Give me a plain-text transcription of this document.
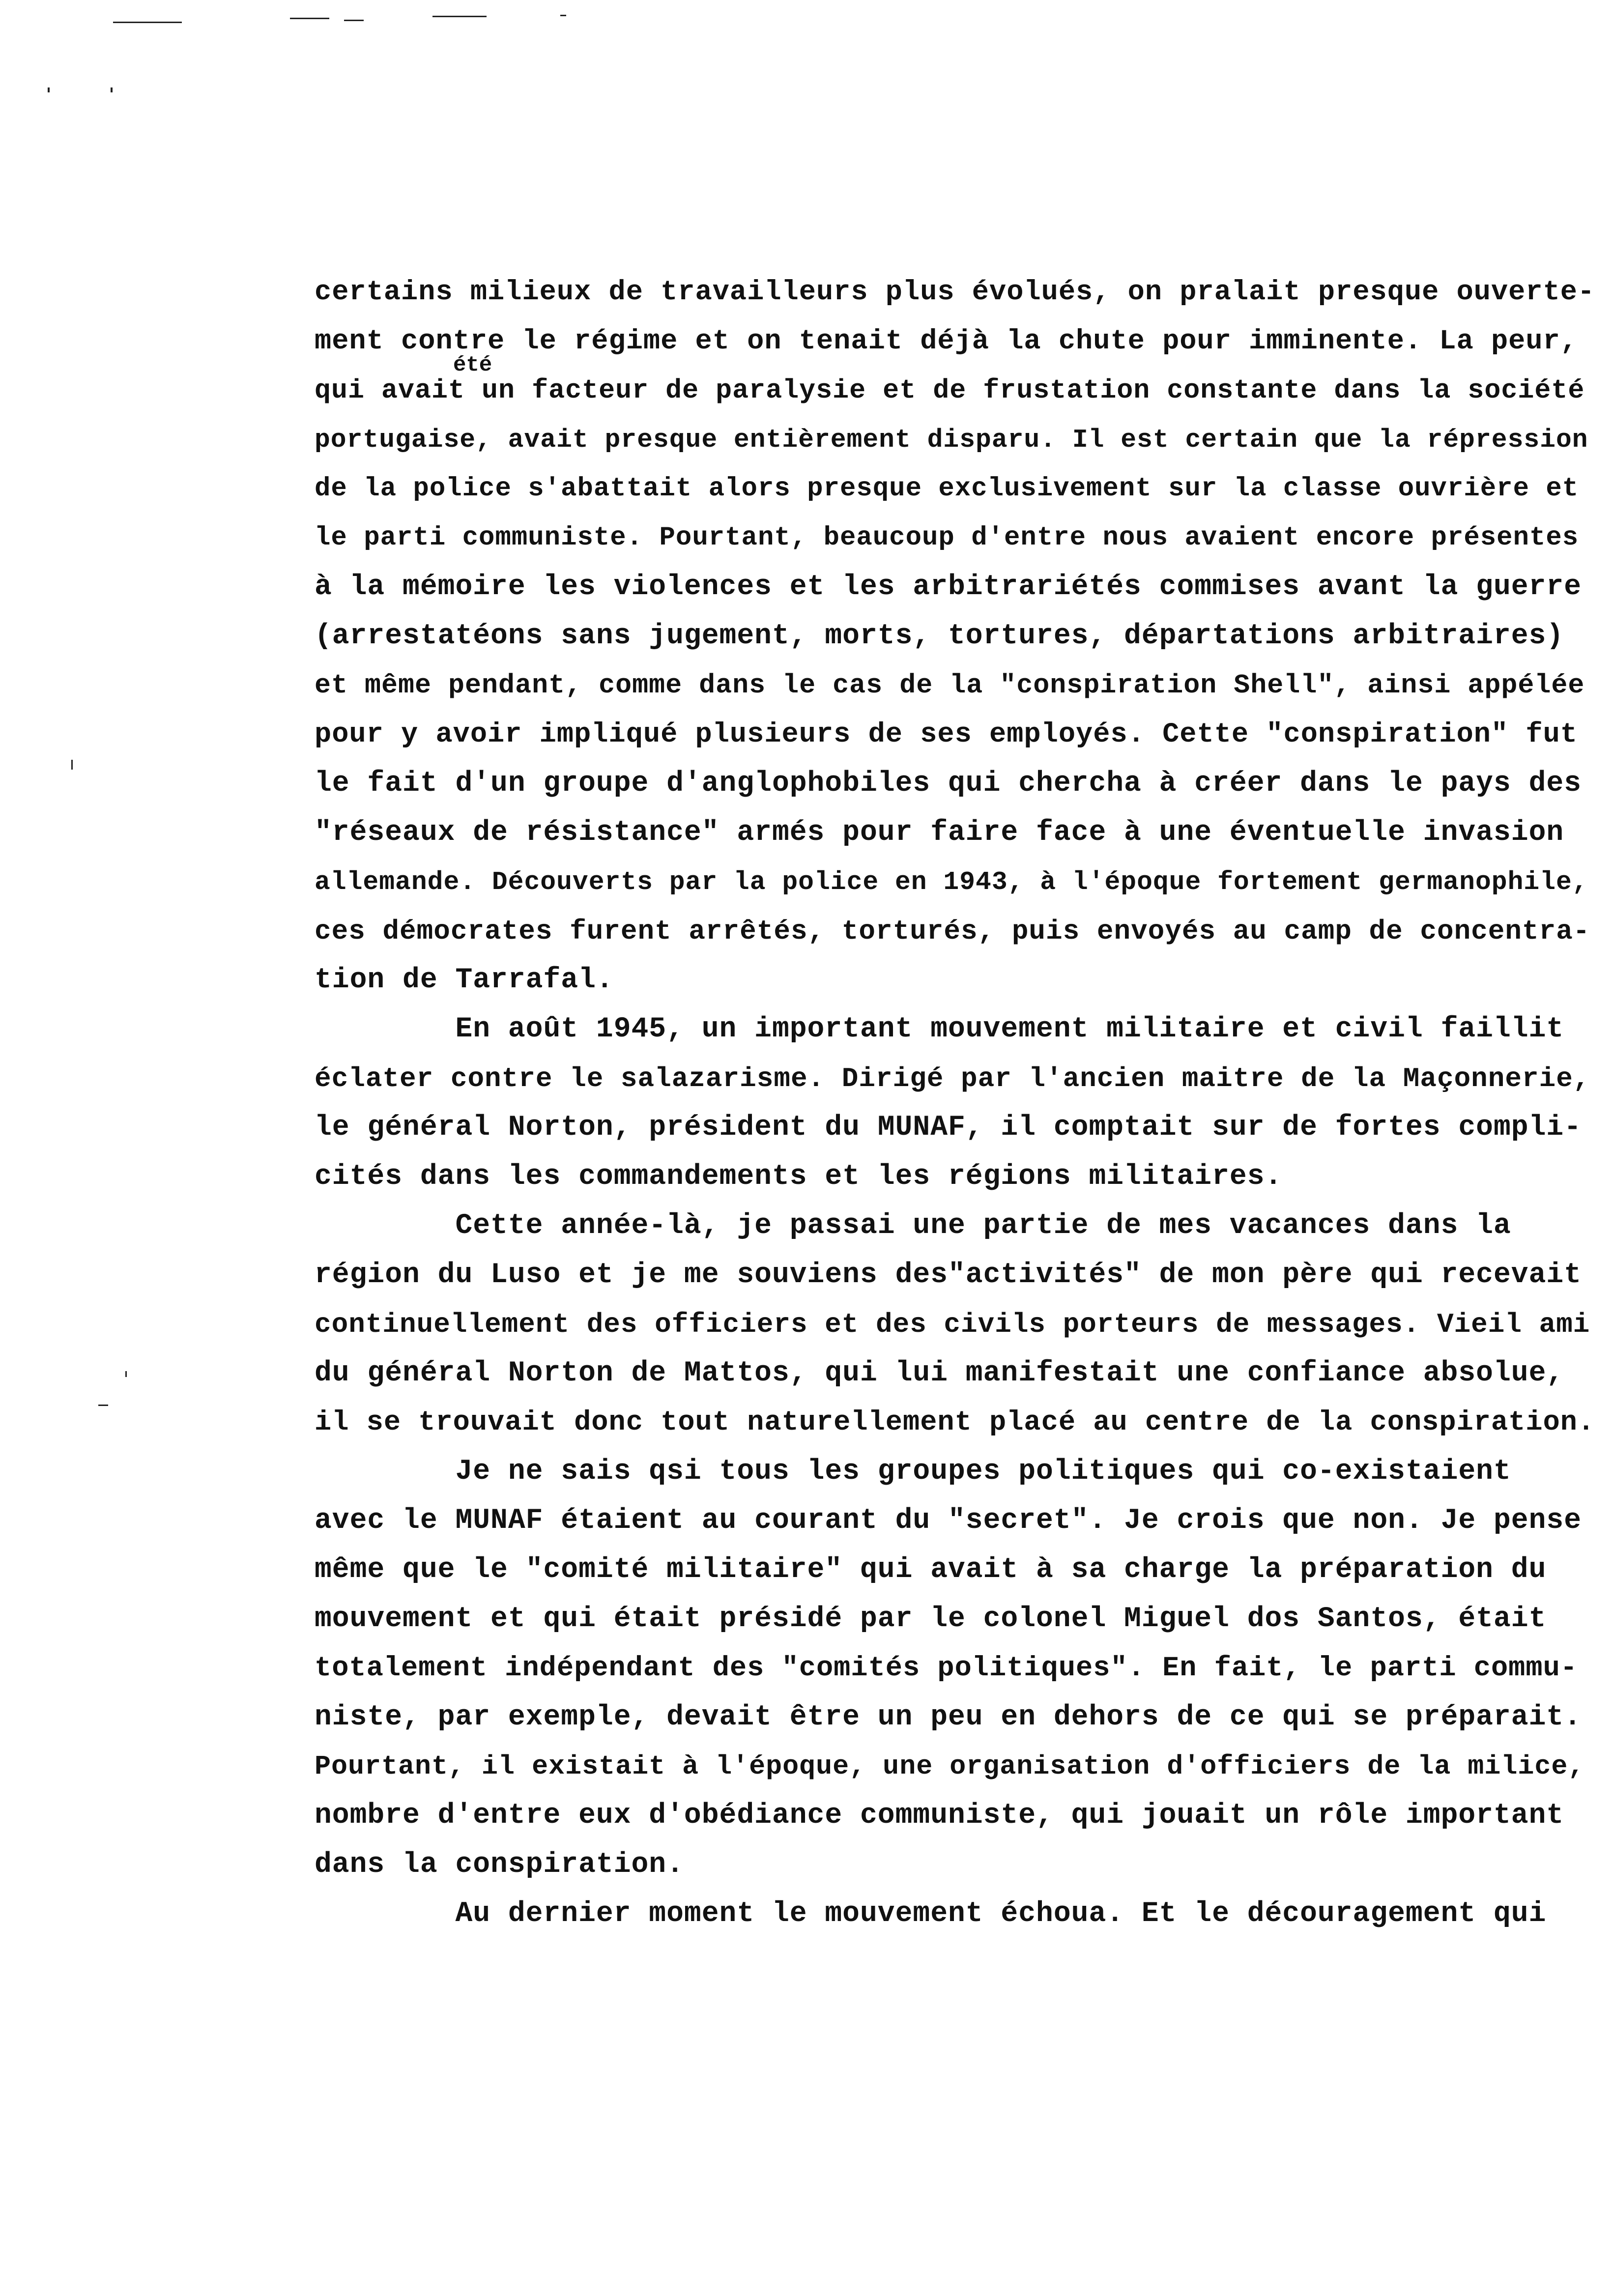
certains milieux de travailleurs plus évolués, on pralait presque ouverte-
ment contre le régime et on tenait déjà la chute pour imminente. La peur,
qui avait un facteur de paralysie et de frustation constante dans la société
été
portugaise, avait presque entièrement disparu. Il est certain que la répression
de la police s'abattait alors presque exclusivement sur la classe ouvrière et
le parti communiste. Pourtant, beaucoup d'entre nous avaient encore présentes
à la mémoire les violences et les arbitrariétés commises avant la guerre
(arrestatéons sans jugement, morts, tortures, départations arbitraires)
et même pendant, comme dans le cas de la "conspiration Shell", ainsi appélée
pour y avoir impliqué plusieurs de ses employés. Cette "conspiration" fut
le fait d'un groupe d'anglophobiles qui chercha à créer dans le pays des
"réseaux de résistance" armés pour faire face à une éventuelle invasion
allemande. Découverts par la police en 1943, à l'époque fortement germanophile,
ces démocrates furent arrêtés, torturés, puis envoyés au camp de concentra-
tion de Tarrafal.
En août 1945, un important mouvement militaire et civil faillit
éclater contre le salazarisme. Dirigé par l'ancien maitre de la Maçonnerie,
le général Norton, président du MUNAF, il comptait sur de fortes compli-
cités dans les commandements et les régions militaires.
Cette année-là, je passai une partie de mes vacances dans la
région du Luso et je me souviens des"activités" de mon père qui recevait
continuellement des officiers et des civils porteurs de messages. Vieil ami
du général Norton de Mattos, qui lui manifestait une confiance absolue,
il se trouvait donc tout naturellement placé au centre de la conspiration.
Je ne sais qsi tous les groupes politiques qui co-existaient
avec le MUNAF étaient au courant du "secret". Je crois que non. Je pense
même que le "comité militaire" qui avait à sa charge la préparation du
mouvement et qui était présidé par le colonel Miguel dos Santos, était
totalement indépendant des "comités politiques". En fait, le parti commu-
niste, par exemple, devait être un peu en dehors de ce qui se préparait.
Pourtant, il existait à l'époque, une organisation d'officiers de la milice,
nombre d'entre eux d'obédiance communiste, qui jouait un rôle important
dans la conspiration.
Au dernier moment le mouvement échoua. Et le découragement qui
